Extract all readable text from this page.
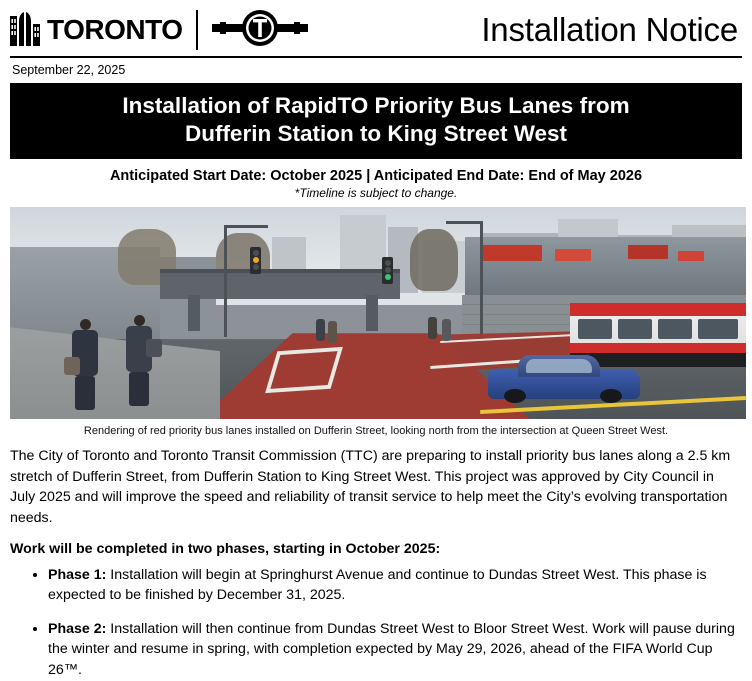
TORONTO	Installation Notice
September 22, 2025
Installation of RapidTO Priority Bus Lanes from
Dufferin Station to King Street West
Anticipated Start Date: October 2025 | Anticipated End Date: End of May 2026
*Timeline is subject to change.
Rendering of red priority bus lanes installed on Dufferin Street, looking north from the intersection at Queen Street West.
The City of Toronto and Toronto Transit Commission (TTC) are preparing to install priority bus lanes along a 2.5 km stretch of Dufferin Street, from Dufferin Station to King Street West. This project was approved by City Council in July 2025 and will improve the speed and reliability of transit service to help meet the City’s evolving transportation needs.
Work will be completed in two phases, starting in October 2025:
• Phase 1: Installation will begin at Springhurst Avenue and continue to Dundas Street West. This phase is expected to be finished by December 31, 2025.
• Phase 2: Installation will then continue from Dundas Street West to Bloor Street West. Work will pause during the winter and resume in spring, with completion expected by May 29, 2026, ahead of the FIFA World Cup 26™.
